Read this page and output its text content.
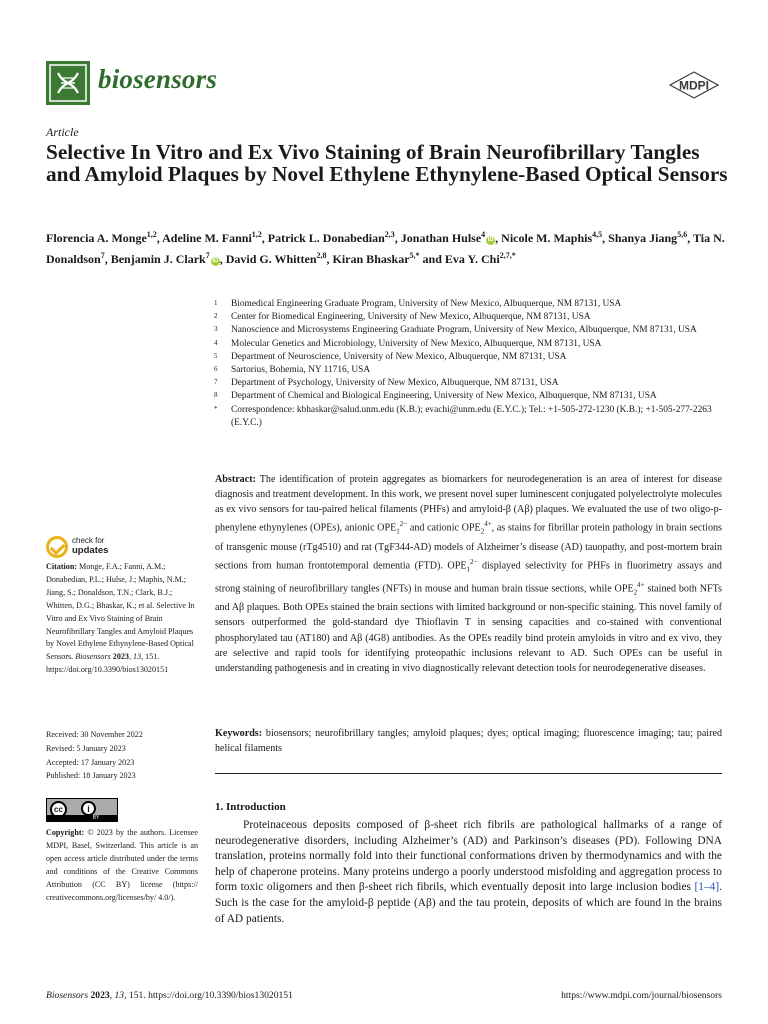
biosensors	MDPI
Article
Selective In Vitro and Ex Vivo Staining of Brain Neurofibrillary Tangles and Amyloid Plaques by Novel Ethylene Ethynylene-Based Optical Sensors
Florencia A. Monge$^{1,2}$, Adeline M. Fanni$^{1,2}$, Patrick L. Donabedian$^{2,3}$, Jonathan Hulse$^4$iD , Nicole M. Maphis$^{4,5}$, Shanya Jiang$^{5,6}$, Tia N. Donaldson$^7$, Benjamin J. Clark$^7$iD , David G. Whitten$^{2,8}$, Kiran Bhaskar$^{5,*}$ and Eva Y. Chi$^{2,7,*}$
1	Biomedical Engineering Graduate Program, University of New Mexico, Albuquerque, NM 87131, USA
2	Center for Biomedical Engineering, University of New Mexico, Albuquerque, NM 87131, USA
3	Nanoscience and Microsystems Engineering Graduate Program, University of New Mexico, Albuquerque, NM 87131, USA
4	Molecular Genetics and Microbiology, University of New Mexico, Albuquerque, NM 87131, USA
5	Department of Neuroscience, University of New Mexico, Albuquerque, NM 87131, USA
6	Sartorius, Bohemia, NY 11716, USA
7	Department of Psychology, University of New Mexico, Albuquerque, NM 87131, USA
8	Department of Chemical and Biological Engineering, University of New Mexico, Albuquerque, NM 87131, USA
*	Correspondence: kbhaskar@salud.unm.edu (K.B.); evachi@unm.edu (E.Y.C.); Tel.: +1-505-272-1230 (K.B.); +1-505-277-2263 (E.Y.C.)
check for
updates
Citation: Monge, F.A.; Fanni, A.M.; Donabedian, P.L.; Hulse, J.; Maphis, N.M.; Jiang, S.; Donaldson, T.N.; Clark, B.J.; Whitten, D.G.; Bhaskar, K.; et al. Selective In Vitro and Ex Vivo Staining of Brain Neurofibrillary Tangles and Amyloid Plaques by Novel Ethylene Ethynylene-Based Optical Sensors. Biosensors 2023, 13, 151. https://doi.org/10.3390/bios13020151
Received: 30 November 2022
Revised: 5 January 2023
Accepted: 17 January 2023
Published: 18 January 2023
cc	i
BY
Copyright: © 2023 by the authors. Licensee MDPI, Basel, Switzerland. This article is an open access article distributed under the terms and conditions of the Creative Commons Attribution (CC BY) license (https:// creativecommons.org/licenses/by/ 4.0/).
Abstract: The identification of protein aggregates as biomarkers for neurodegeneration is an area of interest for disease diagnosis and treatment development. In this work, we present novel super luminescent conjugated polyelectrolyte molecules as ex vivo sensors for tau-paired helical filaments (PHFs) and amyloid-β (Aβ) plaques. We evaluated the use of two oligo-p-phenylene ethynylenes (OPEs), anionic $OPE_1^{2-}$ and cationic $OPE_2^{4+}$, as stains for fibrillar protein pathology in brain sections of transgenic mouse (rTg4510) and rat (TgF344-AD) models of Alzheimer’s disease (AD) tauopathy, and post-mortem brain sections from human frontotemporal dementia (FTD). $OPE_1^{2-}$ displayed selectivity for PHFs in fluorimetry assays and strong staining of neurofibrillary tangles (NFTs) in mouse and human brain tissue sections, while $OPE_2^{4+}$ stained both NFTs and Aβ plaques. Both OPEs stained the brain sections with limited background or non-specific staining. This novel family of sensors outperformed the gold-standard dye Thioflavin T in sensing capacities and co-stained with conventional phosphorylated tau (AT180) and Aβ (4G8) antibodies. As the OPEs readily bind protein amyloids in vitro and ex vivo, they are selective and rapid tools for identifying proteopathic inclusions relevant to AD. Such OPEs can be useful in understanding pathogenesis and in creating in vivo diagnostically relevant detection tools for neurodegenerative diseases.
Keywords: biosensors; neurofibrillary tangles; amyloid plaques; dyes; optical imaging; fluorescence imaging; tau; paired helical filaments
1. Introduction
Proteinaceous deposits composed of β-sheet rich fibrils are pathological hallmarks of a range of neurodegenerative disorders, including Alzheimer’s (AD) and Parkinson’s diseases (PD). Following DNA translation, proteins normally fold into their functional conformations driven by thermodynamics and with the help of chaperone proteins. Many proteins undergo a poorly understood misfolding and aggregation process to form toxic oligomers and then β-sheet rich fibrils, which eventually deposit into large inclusion bodies [1–4]. Such is the case for the amyloid-β peptide (Aβ) and the tau protein, deposits of which are found in the brains of AD patients.
Biosensors 2023, 13, 151. https://doi.org/10.3390/bios13020151	https://www.mdpi.com/journal/biosensors
